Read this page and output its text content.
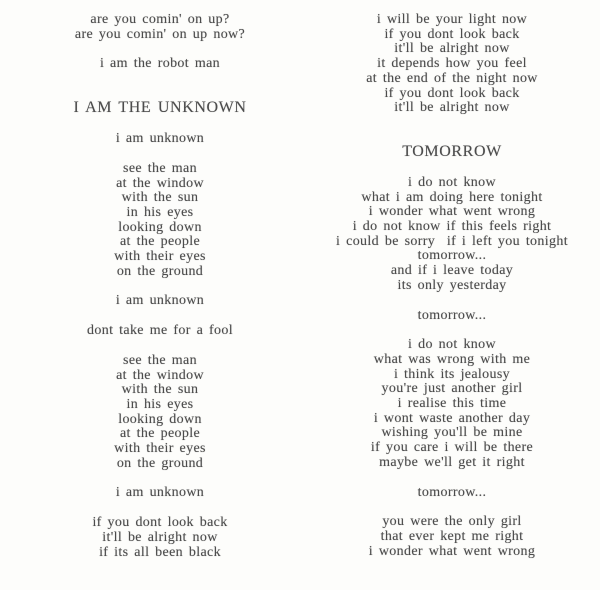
are you comin' on up?
are you comin' on up now?
i am the robot man
I AM THE UNKNOWN
i am unknown
see the man
at the window
with the sun
in his eyes
looking down
at the people
with their eyes
on the ground
i am unknown
dont take me for a fool
see the man
at the window
with the sun
in his eyes
looking down
at the people
with their eyes
on the ground
i am unknown
if you dont look back
it'll be alright now
if its all been black
i will be your light now
if you dont look back
it'll be alright now
it depends how you feel
at the end of the night now
if you dont look back
it'll be alright now
TOMORROW
i do not know
what i am doing here tonight
i wonder what went wrong
i do not know if this feels right
i could be sorry  if i left you tonight
tomorrow...
and if i leave today
its only yesterday
tomorrow...
i do not know
what was wrong with me
i think its jealousy
you're just another girl
i realise this time
i wont waste another day
wishing you'll be mine
if you care i will be there
maybe we'll get it right
tomorrow...
you were the only girl
that ever kept me right
i wonder what went wrong
